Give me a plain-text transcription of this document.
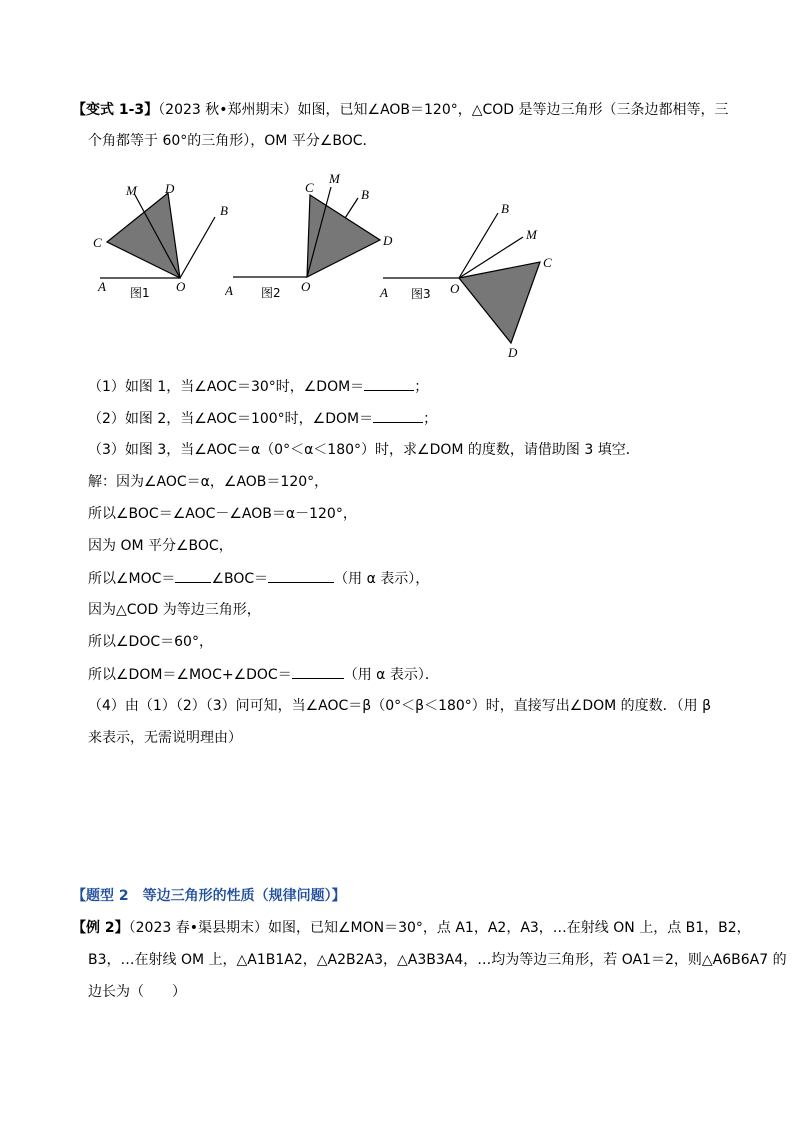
【变式 1-3】（2023 秋•郑州期末）如图，已知∠AOB＝120°，△COD 是等边三角形（三条边都相等，三
个角都等于 60°的三角形），OM 平分∠BOC．
M D
B
C
A 图1 O
C
M
B
D
A 图2 O
B
M
C
A 图3 O
D
（1）如图 1，当∠AOC＝30°时，∠DOM＝	；
（2）如图 2，当∠AOC＝100°时，∠DOM＝	；
（3）如图 3，当∠AOC＝α（0°＜α＜180°）时，求∠DOM 的度数，请借助图 3 填空．
解：因为∠AOC＝α，∠AOB＝120°，
所以∠BOC＝∠AOC－∠AOB＝α－120°，
因为 OM 平分∠BOC，
所以∠MOC＝	∠BOC＝	（用 α 表示），
因为△COD 为等边三角形，
所以∠DOC＝60°，
所以∠DOM＝∠MOC+∠DOC＝	（用 α 表示）．
（4）由（1）（2）（3）问可知，当∠AOC＝β（0°＜β＜180°）时，直接写出∠DOM 的度数．（用 β
来表示，无需说明理由）
【题型 2　等边三角形的性质（规律问题）】
【例 2】（2023 春•渠县期末）如图，已知∠MON＝30°，点 A1，A2，A3，…在射线 ON 上，点 B1，B2，
B3，…在射线 OM 上，△A1B1A2，△A2B2A3，△A3B3A4，…均为等边三角形，若 OA1＝2，则△A6B6A7 的
边长为（　　）
